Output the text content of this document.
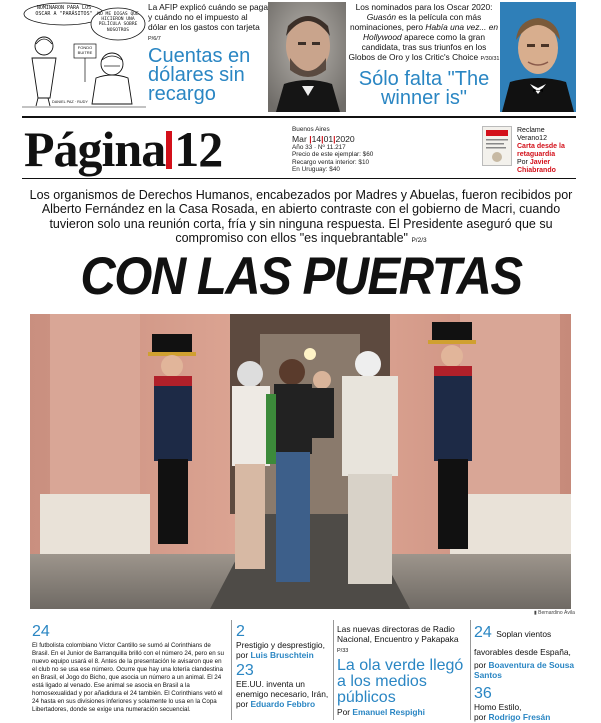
NOMINARON PARA LOS OSCAR A "PARÁSITOS"	NO ME DIGAS QUE HICIERON UNA PELÍCULA SOBRE NOSOTROS
FONDO BUITRE
DANIEL PAZ · RUDY
La AFIP explicó cuándo se paga y cuándo no el impuesto al dólar en los gastos con tarjeta P/6/7
Cuentas en dólares sin recargo
Los nominados para los Oscar 2020: Guasón es la película con más nominaciones, pero Había una vez... en Hollywood aparece como la gran candidata, tras sus triunfos en los Globos de Oro y los Critic's Choice P/30/31
Sólo falta "The winner is"
Página 12	Buenos Aires
Mar |14|01|2020
Año 33 · Nº 11.217
Precio de este ejemplar: $60
Recargo venta interior: $10
En Uruguay: $40
Reclame Verano12
Carta desde la retaguardia
Por Javier Chiabrando
Los organismos de Derechos Humanos, encabezados por Madres y Abuelas, fueron recibidos por Alberto Fernández en la Casa Rosada, en abierto contraste con el gobierno de Macri, cuando tuvieron solo una reunión corta, fría y sin ninguna respuesta. El Presidente aseguró que su compromiso con ellos "es inquebrantable" P/2/3
CON LAS PUERTAS
▮ Bernardino Ávila
24
El futbolista colombiano Víctor Cantillo se sumó al Corinthians de Brasil. En el Junior de Barranquilla brilló con el número 24, pero en su nuevo equipo usará el 8. Antes de la presentación le avisaron que en el club no se usa ese número. Ocurre que hay una lotería clandestina en Brasil, el Jogo do Bicho, que asocia un número a un animal. El 24 está ligado al venado. Ese animal se asocia en Brasil a la homosexualidad y por añadidura el 24 también. El Corinthians vetó el 24 hasta en sus divisiones inferiores y solamente lo usa en la Copa Libertadores, donde se exige una numeración secuencial.
2
Prestigio y desprestigio,
por Luis Bruschtein
23
EE.UU. inventa un enemigo necesario, Irán,
por Eduardo Febbro
Las nuevas directoras de Radio Nacional, Encuentro y Pakapaka P/33
La ola verde llegó a los medios públicos
Por Emanuel Respighi
24 Soplan vientos favorables desde España,
por Boaventura de Sousa Santos
36
Homo Estilo,
por Rodrigo Fresán
